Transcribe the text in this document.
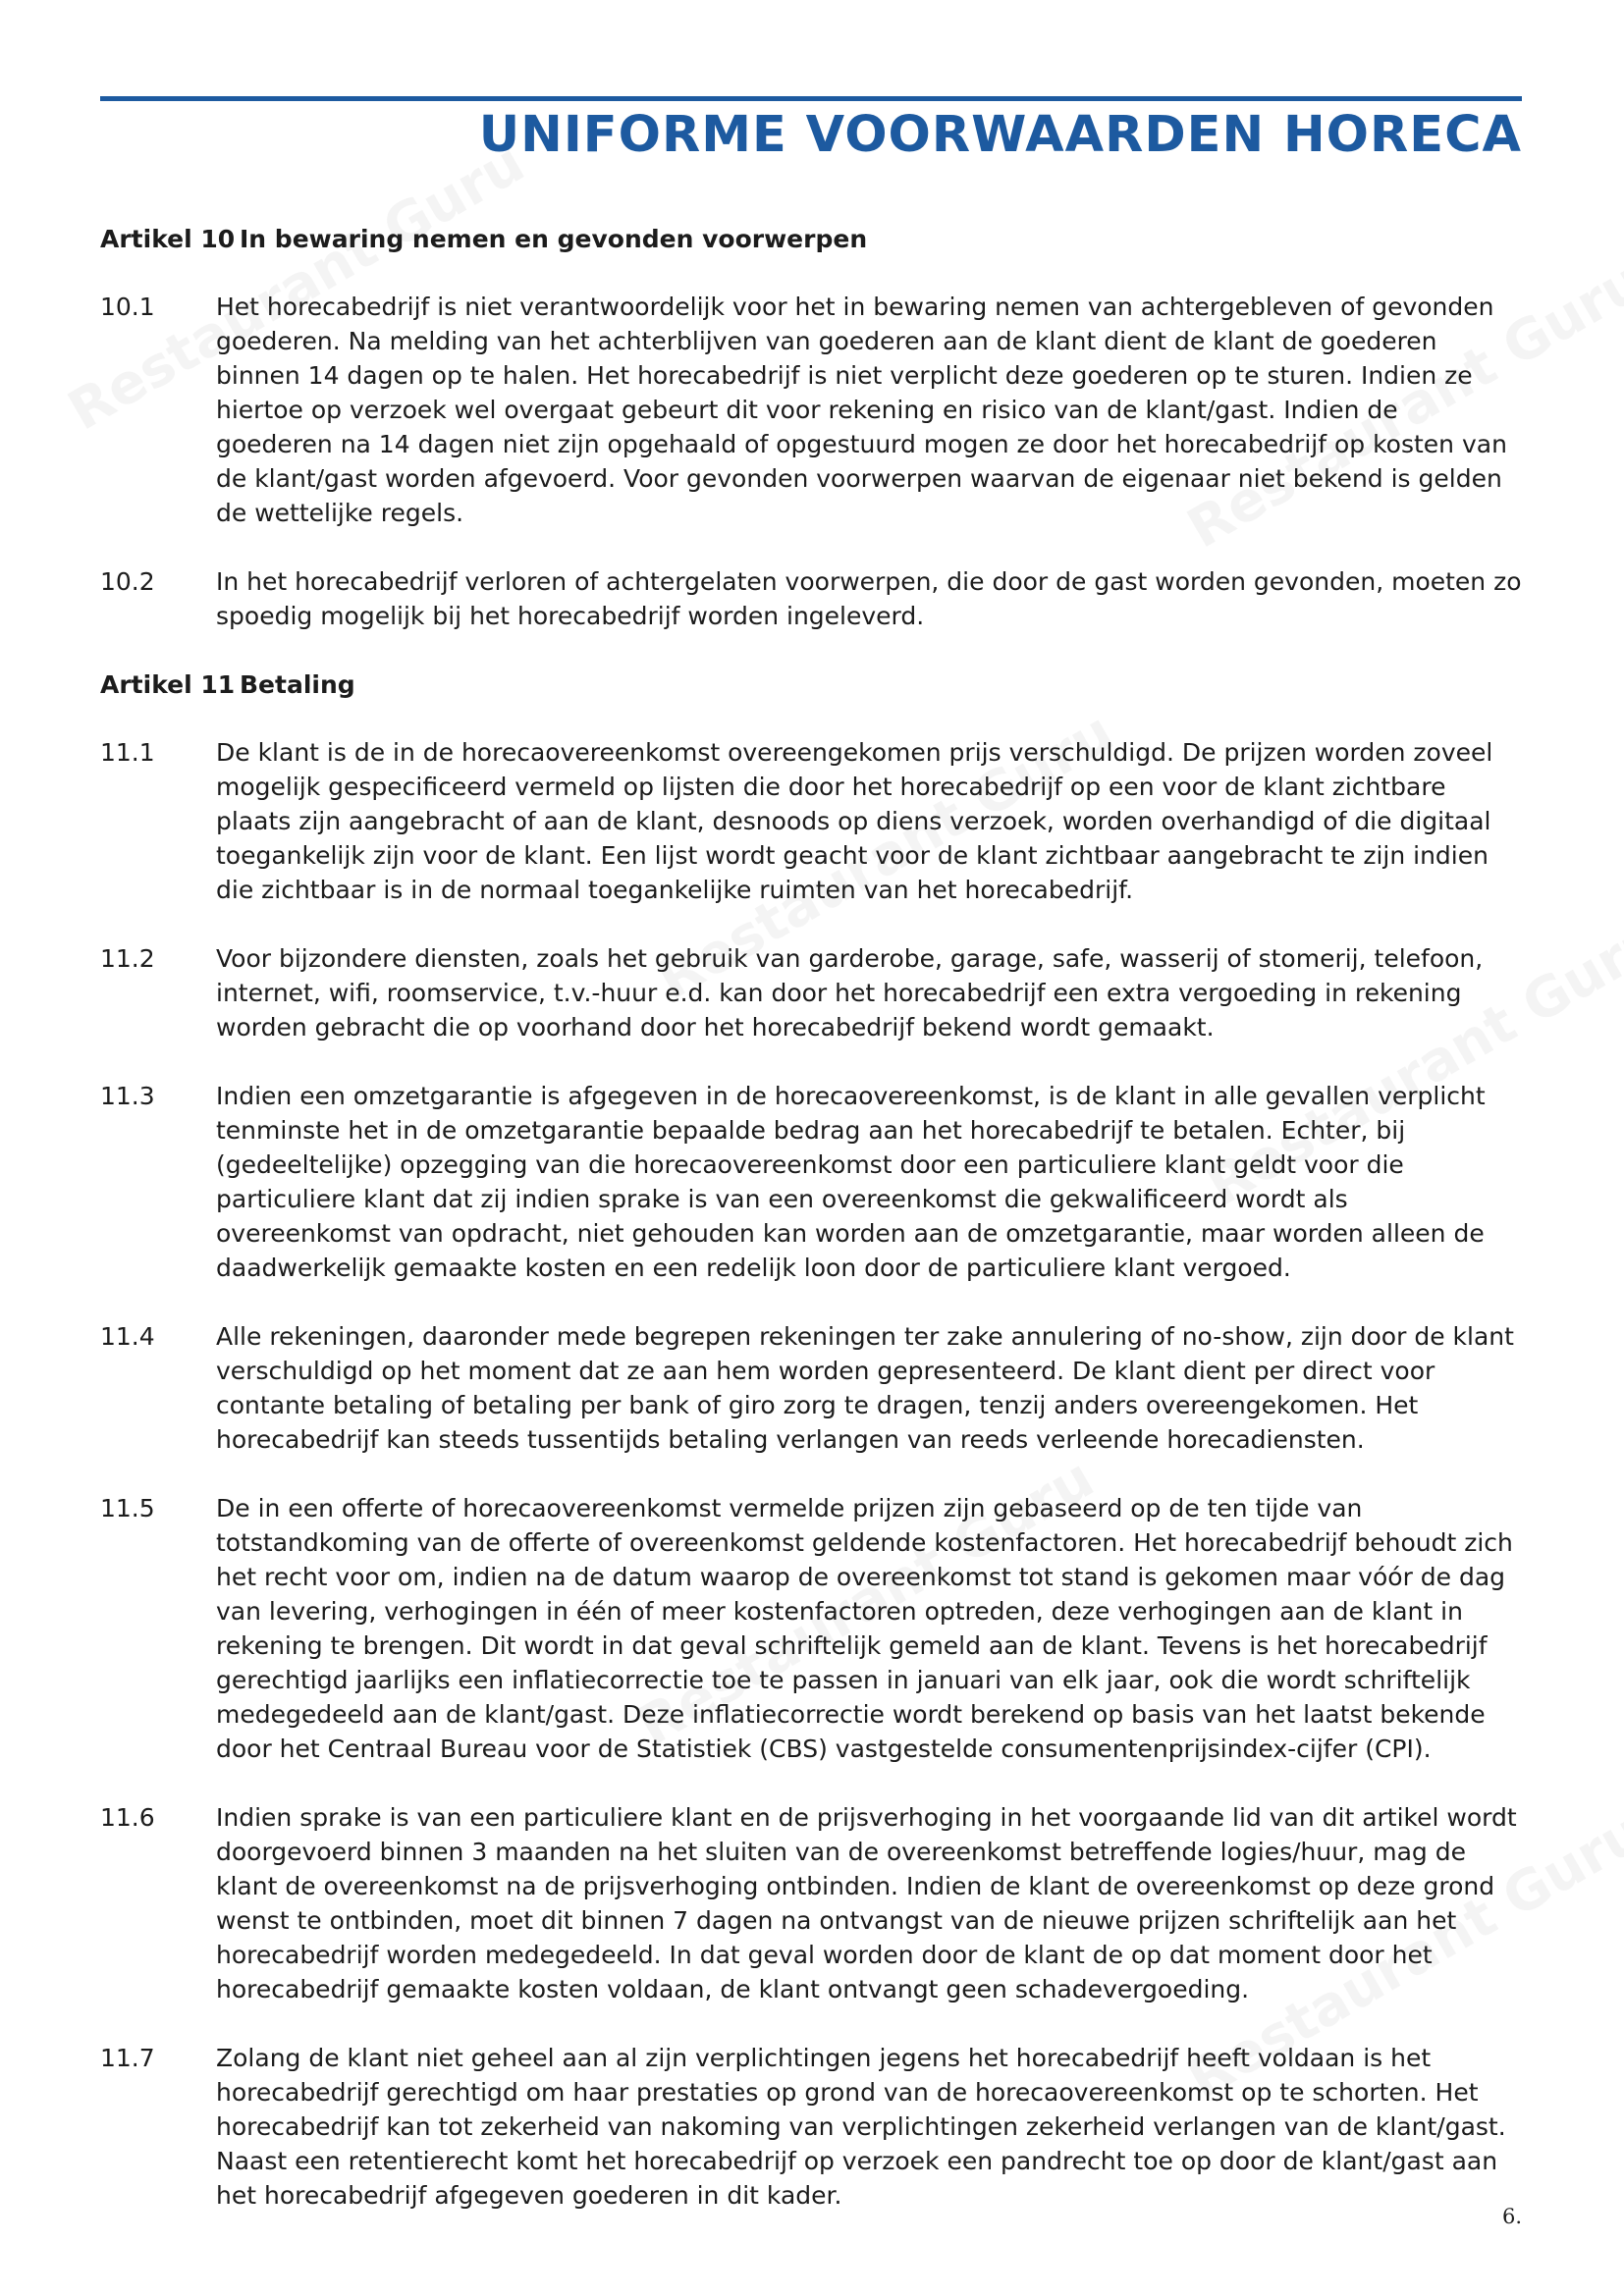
UNIFORME VOORWAARDEN HORECA
Artikel 10 In bewaring nemen en gevonden voorwerpen
10.1	Het horecabedrijf is niet verantwoordelijk voor het in bewaring nemen van achtergebleven of gevonden goederen. Na melding van het achterblijven van goederen aan de klant dient de klant de goederen binnen 14 dagen op te halen. Het horecabedrijf is niet verplicht deze goederen op te sturen. Indien ze hiertoe op verzoek wel overgaat gebeurt dit voor rekening en risico van de klant/gast. Indien de goederen na 14 dagen niet zijn opgehaald of opgestuurd mogen ze door het horecabedrijf op kosten van de klant/gast worden afgevoerd. Voor gevonden voorwerpen waarvan de eigenaar niet bekend is gelden de wettelijke regels.
10.2	In het horecabedrijf verloren of achtergelaten voorwerpen, die door de gast worden gevonden, moeten zo spoedig mogelijk bij het horecabedrijf worden ingeleverd.
Artikel 11 Betaling
11.1	De klant is de in de horecaovereenkomst overeengekomen prijs verschuldigd. De prijzen worden zoveel mogelijk gespecificeerd vermeld op lijsten die door het horecabedrijf op een voor de klant zichtbare plaats zijn aangebracht of aan de klant, desnoods op diens verzoek, worden overhandigd of die digitaal toegankelijk zijn voor de klant. Een lijst wordt geacht voor de klant zichtbaar aangebracht te zijn indien die zichtbaar is in de normaal toegankelijke ruimten van het horecabedrijf.
11.2	Voor bijzondere diensten, zoals het gebruik van garderobe, garage, safe, wasserij of stomerij, telefoon, internet, wifi, roomservice, t.v.-huur e.d. kan door het horecabedrijf een extra vergoeding in rekening worden gebracht die op voorhand door het horecabedrijf bekend wordt gemaakt.
11.3	Indien een omzetgarantie is afgegeven in de horecaovereenkomst, is de klant in alle gevallen verplicht tenminste het in de omzetgarantie bepaalde bedrag aan het horecabedrijf te betalen. Echter, bij (gedeeltelijke) opzegging van die horecaovereenkomst door een particuliere klant geldt voor die particuliere klant dat zij indien sprake is van een overeenkomst die gekwalificeerd wordt als overeenkomst van opdracht, niet gehouden kan worden aan de omzetgarantie, maar worden alleen de daadwerkelijk gemaakte kosten en een redelijk loon door de particuliere klant vergoed.
11.4	Alle rekeningen, daaronder mede begrepen rekeningen ter zake annulering of no-show, zijn door de klant verschuldigd op het moment dat ze aan hem worden gepresenteerd. De klant dient per direct voor contante betaling of betaling per bank of giro zorg te dragen, tenzij anders overeengekomen. Het horecabedrijf kan steeds tussentijds betaling verlangen van reeds verleende horecadiensten.
11.5	De in een offerte of horecaovereenkomst vermelde prijzen zijn gebaseerd op de ten tijde van totstandkoming van de offerte of overeenkomst geldende kostenfactoren. Het horecabedrijf behoudt zich het recht voor om, indien na de datum waarop de overeenkomst tot stand is gekomen maar vóór de dag van levering, verhogingen in één of meer kostenfactoren optreden, deze verhogingen aan de klant in rekening te brengen. Dit wordt in dat geval schriftelijk gemeld aan de klant. Tevens is het horecabedrijf gerechtigd jaarlijks een inflatiecorrectie toe te passen in januari van elk jaar, ook die wordt schriftelijk medegedeeld aan de klant/gast. Deze inflatiecorrectie wordt berekend op basis van het laatst bekende door het Centraal Bureau voor de Statistiek (CBS) vastgestelde consumentenprijsindex-cijfer (CPI).
11.6	Indien sprake is van een particuliere klant en de prijsverhoging in het voorgaande lid van dit artikel wordt doorgevoerd binnen 3 maanden na het sluiten van de overeenkomst betreffende logies/huur, mag de klant de overeenkomst na de prijsverhoging ontbinden. Indien de klant de overeenkomst op deze grond wenst te ontbinden, moet dit binnen 7 dagen na ontvangst van de nieuwe prijzen schriftelijk aan het horecabedrijf worden medegedeeld. In dat geval worden door de klant de op dat moment door het horecabedrijf gemaakte kosten voldaan, de klant ontvangt geen schadevergoeding.
11.7	Zolang de klant niet geheel aan al zijn verplichtingen jegens het horecabedrijf heeft voldaan is het horecabedrijf gerechtigd om haar prestaties op grond van de horecaovereenkomst op te schorten. Het horecabedrijf kan tot zekerheid van nakoming van verplichtingen zekerheid verlangen van de klant/gast. Naast een retentierecht komt het horecabedrijf op verzoek een pandrecht toe op door de klant/gast aan het horecabedrijf afgegeven goederen in dit kader.
6.
